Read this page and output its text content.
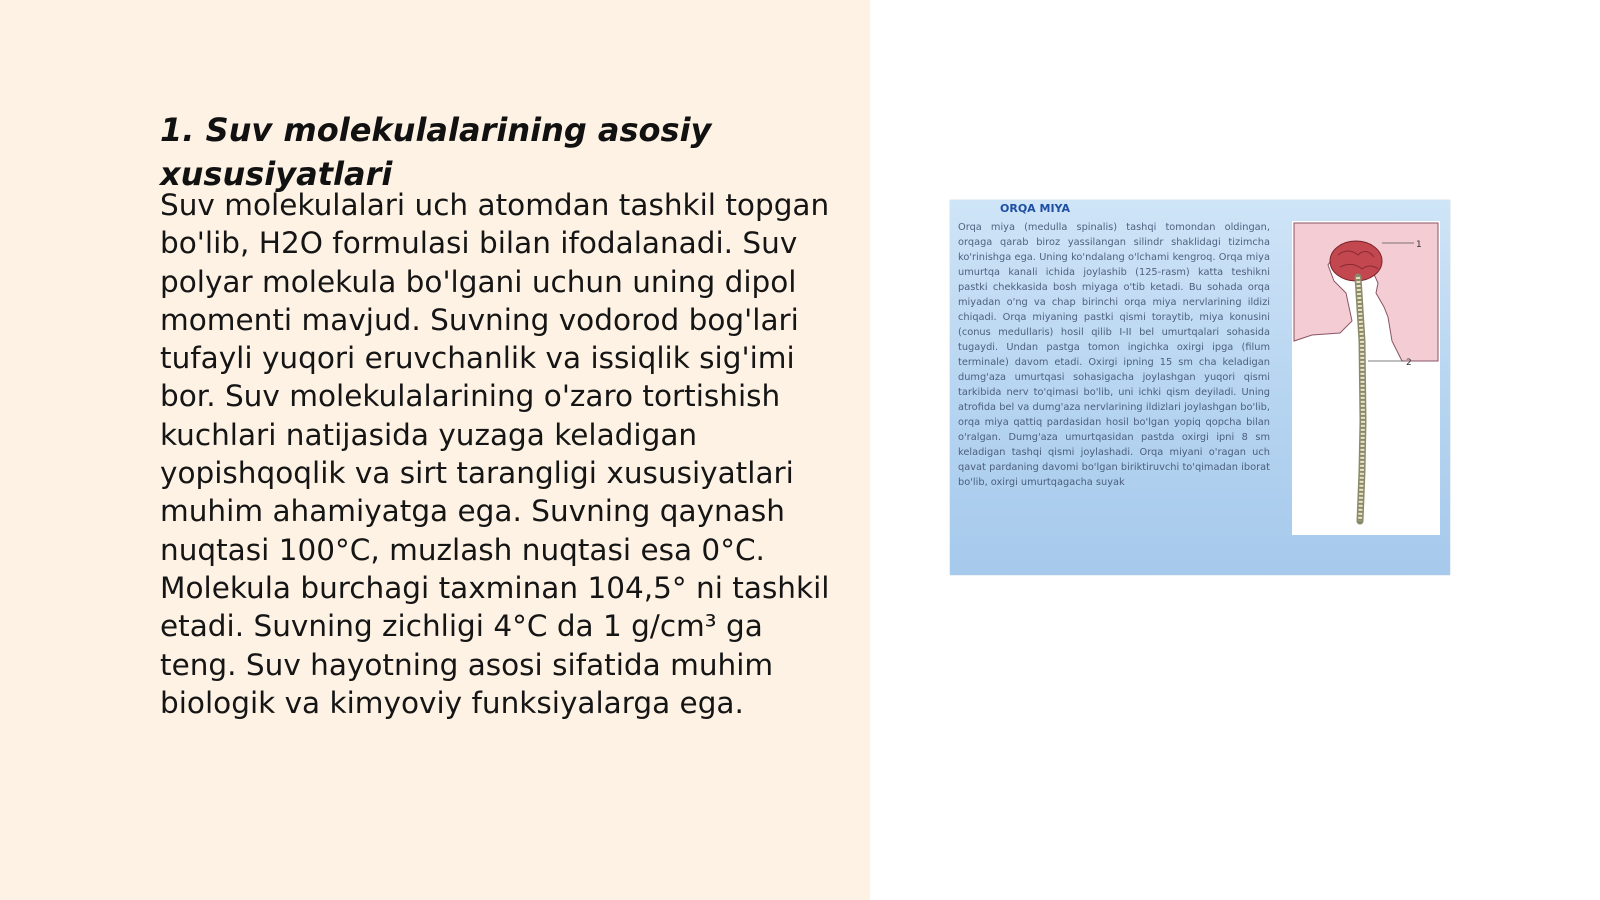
1. Suv molekulalarining asosiy xususiyatlari

Suv molekulalari uch atomdan tashkil topgan bo'lib, H2O formulasi bilan ifodalanadi. Suv polyar molekula bo'lgani uchun uning dipol momenti mavjud. Suvning vodorod bog'lari tufayli yuqori eruvchanlik va issiqlik sig'imi bor. Suv molekulalarining o'zaro tortishish kuchlari natijasida yuzaga keladigan yopishqoqlik va sirt tarangligi xususiyatlari muhim ahamiyatga ega. Suvning qaynash nuqtasi 100°C, muzlash nuqtasi esa 0°C. Molekula burchagi taxminan 104,5° ni tashkil etadi. Suvning zichligi 4°C da 1 g/cm³ ga teng. Suv hayotning asosi sifatida muhim biologik va kimyoviy funksiyalarga ega.

ORQA MIYA
Orqa miya (medulla spinalis) tashqi tomondan oldingan, orqaga qarab biroz yassilangan silindr shaklidagi tizimcha ko'rinishga ega. Uning ko'ndalang o'lchami kengroq. Orqa miya umurtqa kanali ichida joylashib (125-rasm) katta teshikni pastki chekkasida bosh miyaga o'tib ketadi. Bu sohada orqa miyadan o'ng va chap birinchi orqa miya nervlarining ildizi chiqadi. Orqa miyaning pastki qismi toraytib, miya konusini (conus medullaris) hosil qilib I-II bel umurtqalari sohasida tugaydi. Undan pastga tomon ingichka oxirgi ipga (filum terminale) davom etadi. Oxirgi ipning 15 sm cha keladigan dumg'aza umurtqasi sohasigacha joylashgan yuqori qismi tarkibida nerv to'qimasi bo'lib, uni ichki qism deyiladi. Uning atrofida bel va dumg'aza nervlarining ildizlari joylashgan bo'lib, orqa miya qattiq pardasidan hosil bo'lgan yopiq qopcha bilan o'ralgan. Dumg'aza umurtqasidan pastda oxirgi ipni 8 sm keladigan tashqi qismi joylashadi. Orqa miyani o'ragan uch qavat pardaning davomi bo'lgan biriktiruvchi to'qimadan iborat bo'lib, oxirgi umurtqagacha suyak
1
2
